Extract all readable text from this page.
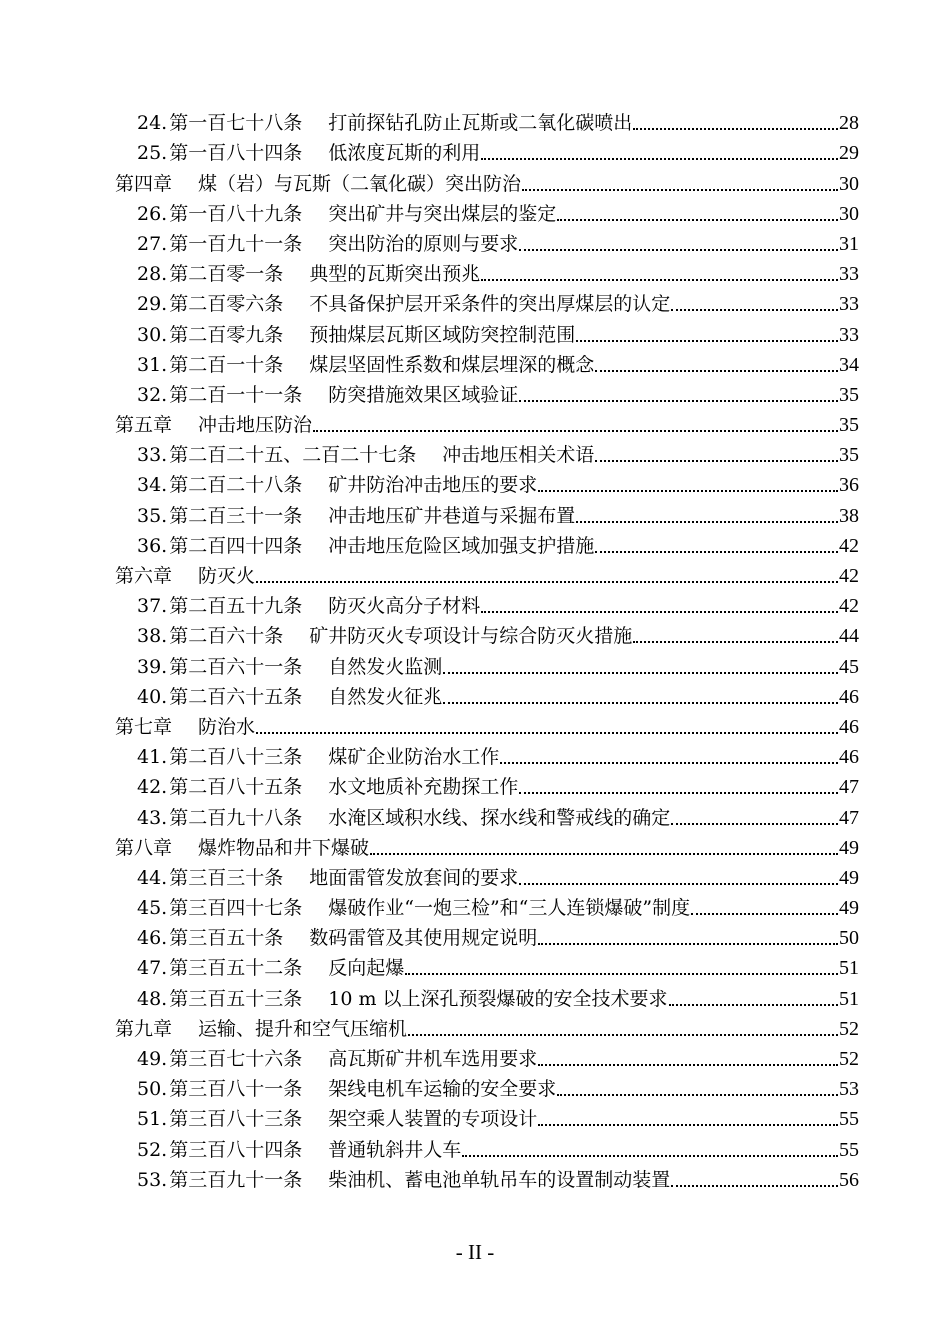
24. 第一百七十八条 打前探钻孔防止瓦斯或二氧化碳喷出	28
25. 第一百八十四条 低浓度瓦斯的利用	29
第四章 煤（岩）与瓦斯（二氧化碳）突出防治	30
26. 第一百八十九条 突出矿井与突出煤层的鉴定	30
27. 第一百九十一条 突出防治的原则与要求	31
28. 第二百零一条 典型的瓦斯突出预兆	33
29. 第二百零六条 不具备保护层开采条件的突出厚煤层的认定	33
30. 第二百零九条 预抽煤层瓦斯区域防突控制范围	33
31. 第二百一十条 煤层坚固性系数和煤层埋深的概念	34
32. 第二百一十一条 防突措施效果区域验证	35
第五章 冲击地压防治	35
33. 第二百二十五、二百二十七条 冲击地压相关术语	35
34. 第二百二十八条 矿井防治冲击地压的要求	36
35. 第二百三十一条 冲击地压矿井巷道与采掘布置	38
36. 第二百四十四条 冲击地压危险区域加强支护措施	42
第六章 防灭火	42
37. 第二百五十九条 防灭火高分子材料	42
38. 第二百六十条 矿井防灭火专项设计与综合防灭火措施	44
39. 第二百六十一条 自然发火监测	45
40. 第二百六十五条 自然发火征兆	46
第七章 防治水	46
41. 第二百八十三条 煤矿企业防治水工作	46
42. 第二百八十五条 水文地质补充勘探工作	47
43. 第二百九十八条 水淹区域积水线、探水线和警戒线的确定	47
第八章 爆炸物品和井下爆破	49
44. 第三百三十条 地面雷管发放套间的要求	49
45. 第三百四十七条 爆破作业“一炮三检”和“三人连锁爆破”制度	49
46. 第三百五十条 数码雷管及其使用规定说明	50
47. 第三百五十二条 反向起爆	51
48. 第三百五十三条 10 m 以上深孔预裂爆破的安全技术要求	51
第九章 运输、提升和空气压缩机	52
49. 第三百七十六条 高瓦斯矿井机车选用要求	52
50. 第三百八十一条 架线电机车运输的安全要求	53
51. 第三百八十三条 架空乘人装置的专项设计	55
52. 第三百八十四条 普通轨斜井人车	55
53. 第三百九十一条 柴油机、蓄电池单轨吊车的设置制动装置	56
- II -
